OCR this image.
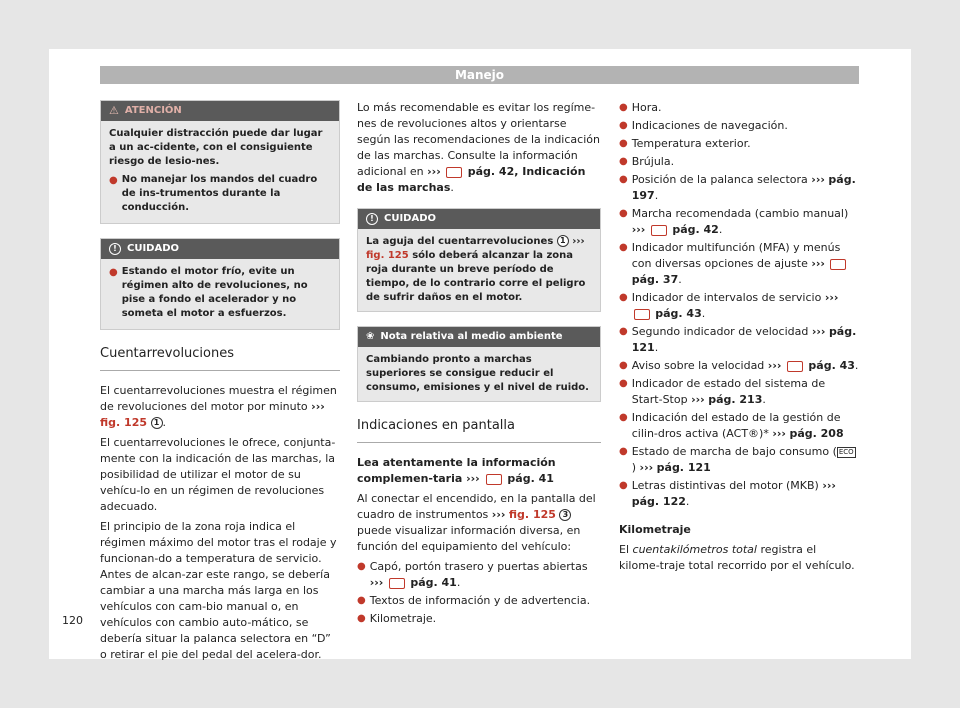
Manejo
⚠ ATENCIÓN

Cualquier distracción puede dar lugar a un ac-cidente, con el consiguiente riesgo de lesio-nes.

● No manejar los mandos del cuadro de ins-trumentos durante la conducción.
!	CUIDADO
● Estando el motor frío, evite un régimen alto de revoluciones, no pise a fondo el acelerador y no someta el motor a esfuerzos.
Cuentarrevoluciones

El cuentarrevoluciones muestra el régimen de revoluciones del motor por minuto ››› fig. 125 1 .

El cuentarrevoluciones le ofrece, conjunta-mente con la indicación de las marchas, la posibilidad de utilizar el motor de su vehícu-lo en un régimen de revoluciones adecuado.

El principio de la zona roja indica el régimen máximo del motor tras el rodaje y funcionan-do a temperatura de servicio. Antes de alcan-zar este rango, se debería cambiar a una marcha más larga en los vehículos con cam-bio manual o, en vehículos con cambio auto-mático, se debería situar la palanca selectora en “D” o retirar el pie del pedal del acelera-dor.

Lo más recomendable es evitar los regíme-nes de revoluciones altos y orientarse según las recomendaciones de la indicación de las marchas. Consulte la información adicional en ››› pág. 42, Indicación de las marchas.

!	CUIDADO
La aguja del cuentarrevoluciones 1 ››› fig. 125 sólo deberá alcanzar la zona roja durante un breve período de tiempo, de lo contrario corre el peligro de sufrir daños en el motor.
❀ Nota relativa al medio ambiente
Cambiando pronto a marchas superiores se consigue reducir el consumo, emisiones y el nivel de ruido.
Indicaciones en pantalla

Lea atentamente la información complemen-taria ›››	pág. 41

Al conectar el encendido, en la pantalla del cuadro de instrumentos ››› fig. 125 3 puede visualizar información diversa, en función del equipamiento del vehículo:

● Capó, portón trasero y puertas abiertas ››› pág. 41.
● Textos de información y de advertencia.
● Kilometraje.
● Hora.
● Indicaciones de navegación.
● Temperatura exterior.
● Brújula.
● Posición de la palanca selectora ››› pág. 197.
● Marcha recomendada (cambio manual) ››› pág. 42.
● Indicador multifunción (MFA) y menús con diversas opciones de ajuste ›››  pág. 37.
● Indicador de intervalos de servicio ›››  pág. 43.
● Segundo indicador de velocidad ››› pág. 121.
● Aviso sobre la velocidad ››› pág. 43.
● Indicador de estado del sistema de Start-Stop ››› pág. 213.
● Indicación del estado de la gestión de cilin-dros activa (ACT®)* ››› pág. 208
● Estado de marcha de bajo consumo ( ECO) ››› pág. 121
● Letras distintivas del motor (MKB) ››› pág. 122.

Kilometraje

El cuentakilómetros total registra el kilome-traje total recorrido por el vehículo.

120
